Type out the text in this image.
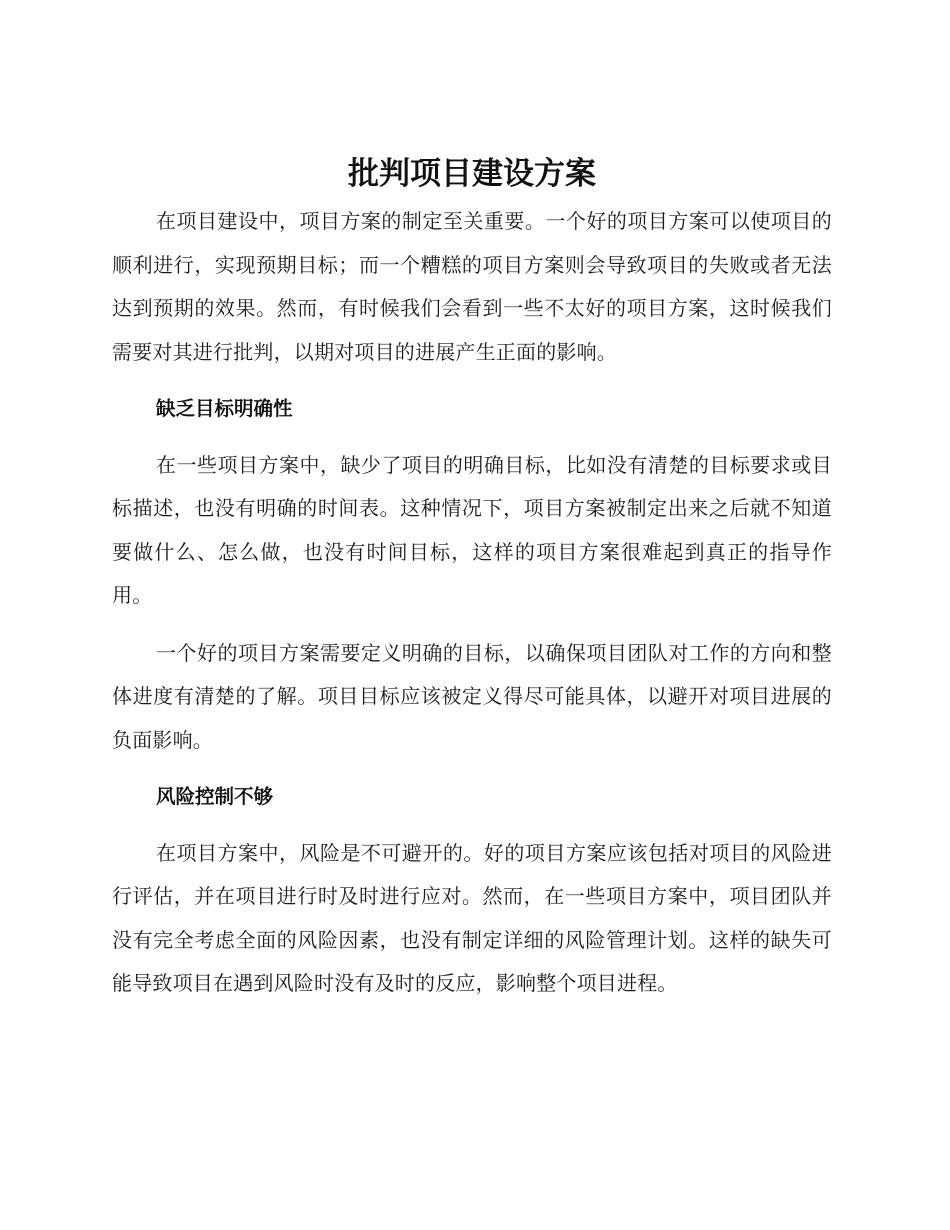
批判项目建设方案

在项目建设中，项目方案的制定至关重要。一个好的项目方案可以使项目的顺利进行，实现预期目标；而一个糟糕的项目方案则会导致项目的失败或者无法达到预期的效果。然而，有时候我们会看到一些不太好的项目方案，这时候我们需要对其进行批判，以期对项目的进展产生正面的影响。

缺乏目标明确性

在一些项目方案中，缺少了项目的明确目标，比如没有清楚的目标要求或目标描述，也没有明确的时间表。这种情况下，项目方案被制定出来之后就不知道要做什么、怎么做，也没有时间目标，这样的项目方案很难起到真正的指导作用。

一个好的项目方案需要定义明确的目标，以确保项目团队对工作的方向和整体进度有清楚的了解。项目目标应该被定义得尽可能具体，以避开对项目进展的负面影响。

风险控制不够

在项目方案中，风险是不可避开的。好的项目方案应该包括对项目的风险进行评估，并在项目进行时及时进行应对。然而，在一些项目方案中，项目团队并没有完全考虑全面的风险因素，也没有制定详细的风险管理计划。这样的缺失可能导致项目在遇到风险时没有及时的反应，影响整个项目进程。
